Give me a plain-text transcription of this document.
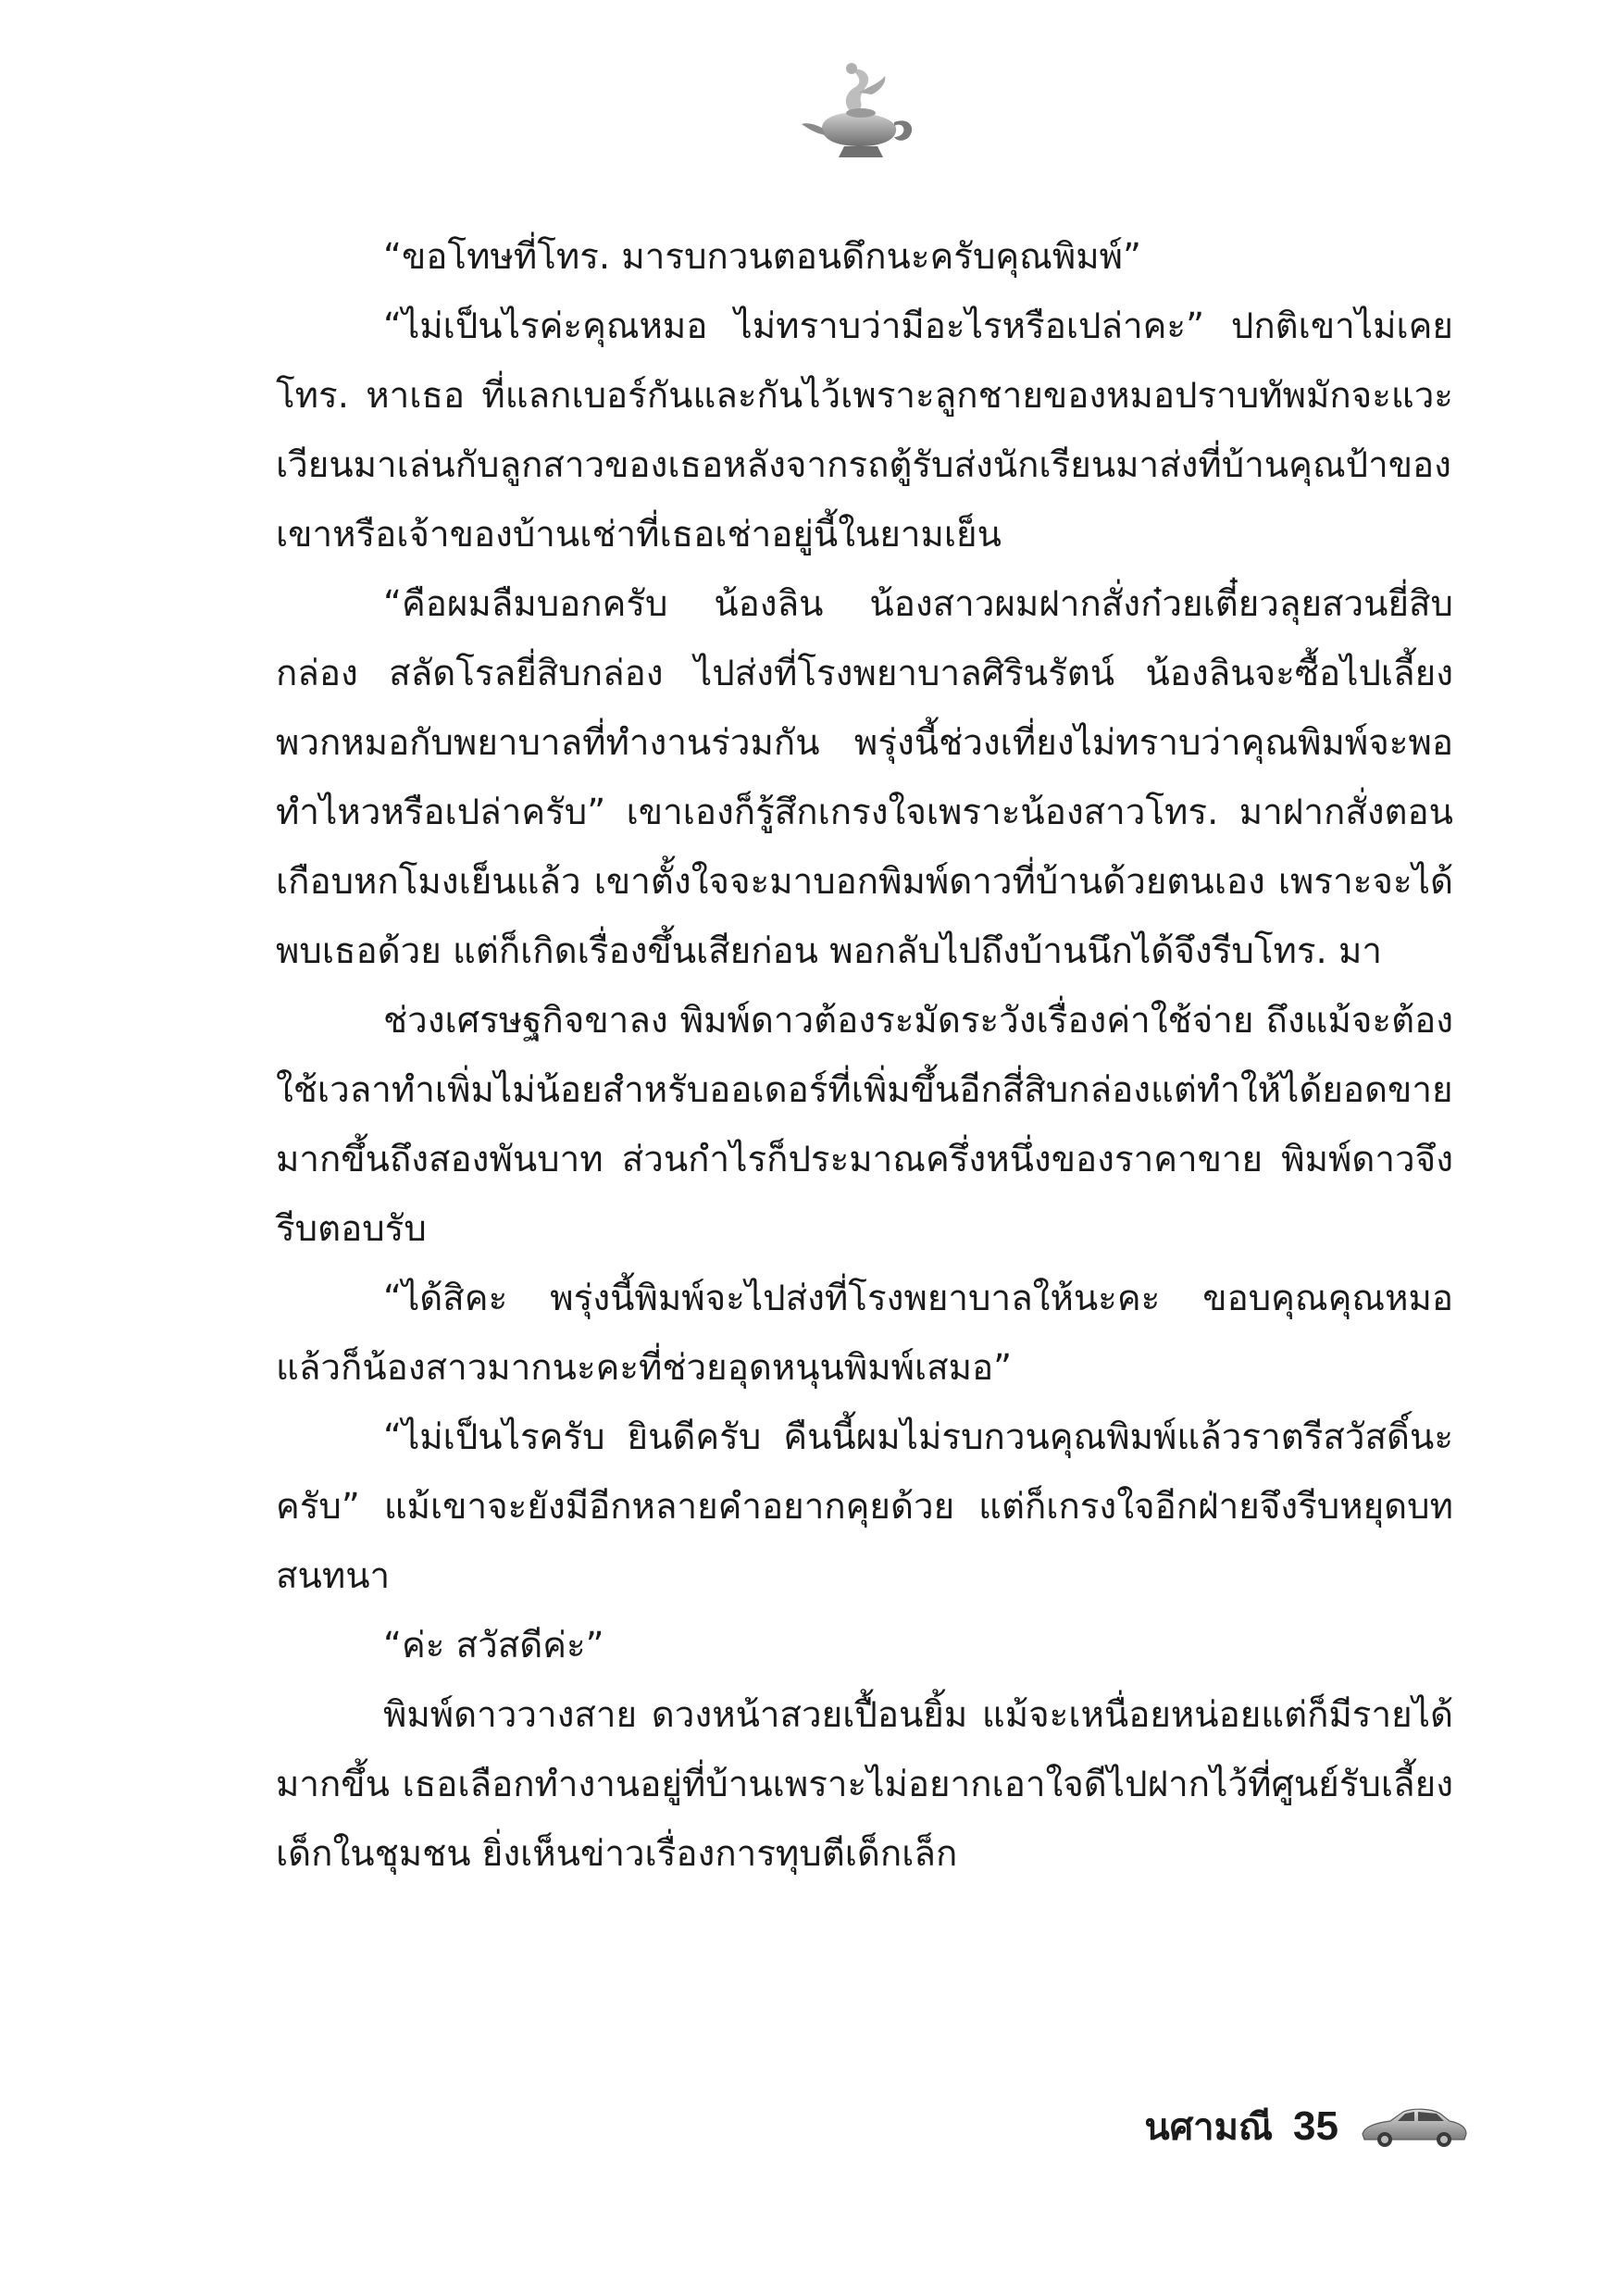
“ขอโทษที่โทร. มารบกวนตอนดึกนะครับคุณพิมพ์”

“ไม่เป็นไรค่ะคุณหมอ ไม่ทราบว่ามีอะไรหรือเปล่าคะ” ปกติเขาไม่เคยโทร. หาเธอ ที่แลกเบอร์กันและกันไว้เพราะลูกชายของหมอปราบทัพมักจะแวะเวียนมาเล่นกับลูกสาวของเธอหลังจากรถตู้รับส่งนักเรียนมาส่งที่บ้านคุณป้าของเขาหรือเจ้าของบ้านเช่าที่เธอเช่าอยู่นี้ในยามเย็น

“คือผมลืมบอกครับ น้องลิน น้องสาวผมฝากสั่งก๋วยเตี๋ยวลุยสวนยี่สิบกล่อง สลัดโรลยี่สิบกล่อง ไปส่งที่โรงพยาบาลศิรินรัตน์ น้องลินจะซื้อไปเลี้ยงพวกหมอกับพยาบาลที่ทำงานร่วมกัน พรุ่งนี้ช่วงเที่ยงไม่ทราบว่าคุณพิมพ์จะพอทำไหวหรือเปล่าครับ” เขาเองก็รู้สึกเกรงใจเพราะน้องสาวโทร. มาฝากสั่งตอนเกือบหกโมงเย็นแล้ว เขาตั้งใจจะมาบอกพิมพ์ดาวที่บ้านด้วยตนเอง เพราะจะได้พบเธอด้วย แต่ก็เกิดเรื่องขึ้นเสียก่อน พอกลับไปถึงบ้านนึกได้จึงรีบโทร. มา

ช่วงเศรษฐกิจขาลง พิมพ์ดาวต้องระมัดระวังเรื่องค่าใช้จ่าย ถึงแม้จะต้องใช้เวลาทำเพิ่มไม่น้อยสำหรับออเดอร์ที่เพิ่มขึ้นอีกสี่สิบกล่องแต่ทำให้ได้ยอดขายมากขึ้นถึงสองพันบาท ส่วนกำไรก็ประมาณครึ่งหนึ่งของราคาขาย พิมพ์ดาวจึงรีบตอบรับ

“ได้สิคะ พรุ่งนี้พิมพ์จะไปส่งที่โรงพยาบาลให้นะคะ ขอบคุณคุณหมอแล้วก็น้องสาวมากนะคะที่ช่วยอุดหนุนพิมพ์เสมอ”

“ไม่เป็นไรครับ ยินดีครับ คืนนี้ผมไม่รบกวนคุณพิมพ์แล้วราตรีสวัสดิ์นะครับ” แม้เขาจะยังมีอีกหลายคำอยากคุยด้วย แต่ก็เกรงใจอีกฝ่ายจึงรีบหยุดบทสนทนา

“ค่ะ สวัสดีค่ะ”

พิมพ์ดาววางสาย ดวงหน้าสวยเปื้อนยิ้ม แม้จะเหนื่อยหน่อยแต่ก็มีรายได้มากขึ้น เธอเลือกทำงานอยู่ที่บ้านเพราะไม่อยากเอาใจดีไปฝากไว้ที่ศูนย์รับเลี้ยงเด็กในชุมชน ยิ่งเห็นข่าวเรื่องการทุบตีเด็กเล็ก

นศามณี 35
